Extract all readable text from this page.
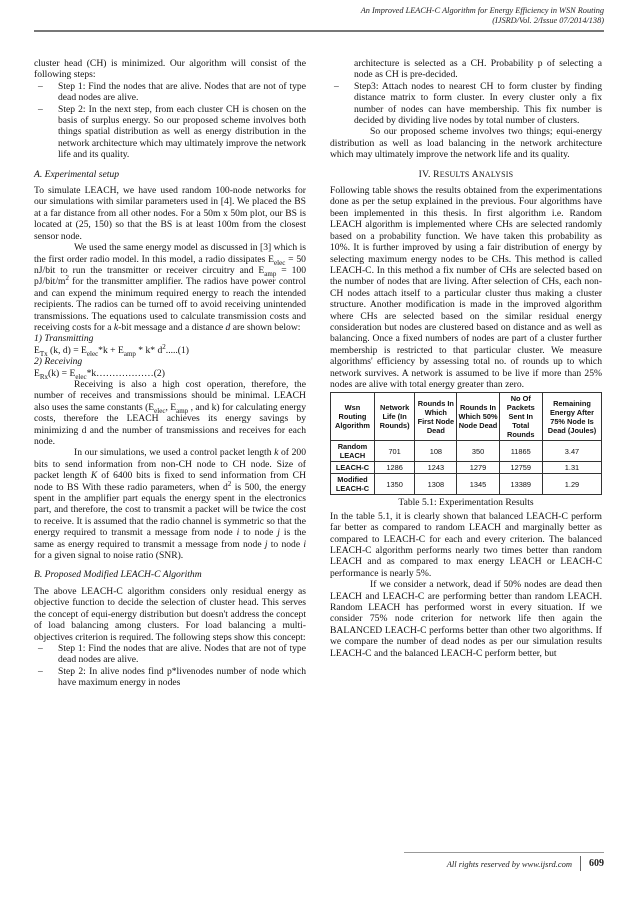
An Improved LEACH-C Algorithm for Energy Efficiency in WSN Routing
(IJSRD/Vol. 2/Issue 07/2014/138)

cluster head (CH) is minimized. Our algorithm will consist of the following steps:

– Step 1: Find the nodes that are alive. Nodes that are not of type dead nodes are alive.
– Step 2: In the next step, from each cluster CH is chosen on the basis of surplus energy. So our proposed scheme involves both things spatial distribution as well as energy distribution in the network architecture which may ultimately improve the network life and its quality.
A. Experimental setup

To simulate LEACH, we have used random 100-node networks for our simulations with similar parameters used in [4]. We placed the BS at a far distance from all other nodes. For a 50m x 50m plot, our BS is located at (25, 150) so that the BS is at least 100m from the closest sensor node.

We used the same energy model as discussed in [3] which is the first order radio model. In this model, a radio dissipates $E_{elec} = 50$ nJ/bit to run the transmitter or receiver circuitry and $E_{amp} = 100$ $pJ/bit/m^2$ for the transmitter amplifier. The radios have power control and can expend the minimum required energy to reach the intended recipients. The radios can be turned off to avoid receiving unintended transmissions. The equations used to calculate transmission costs and receiving costs for a k-bit message and a distance d are shown below:

1) Transmitting
$E_{Tx}$ (k, $d) = E_{elec}*k + E_{amp} * k*$ $d^2.....(1)$
2) Receiving
$E_{Rx}(k)$ = $E_{elec}*k\dots\dots\dots\dots\dots\dots(2)$

Receiving is also a high cost operation, therefore, the number of receives and transmissions should be minimal. LEACH also uses the same constants ($E_{elec}$, $E_{amp}$ , and k) for calculating energy costs, therefore the LEACH achieves its energy savings by minimizing d and the number of transmissions and receives for each node.

In our simulations, we used a control packet length k of 200 bits to send information from non-CH node to CH node. Size of packet length K of 6400 bits is fixed to send information from CH node to BS With these radio parameters, when $d^2$ is 500, the energy spent in the amplifier part equals the energy spent in the electronics part, and therefore, the cost to transmit a packet will be twice the cost to receive. It is assumed that the radio channel is symmetric so that the energy required to transmit a message from node i to node j is the same as energy required to transmit a message from node j to node i for a given signal to noise ratio (SNR).

B. Proposed Modified LEACH-C Algorithm

The above LEACH-C algorithm considers only residual energy as objective function to decide the selection of cluster head. This serves the concept of equi-energy distribution but doesn't address the concept of load balancing among clusters. For load balancing a multi-objectives criterion is required. The following steps show this concept:

– Step 1: Find the nodes that are alive. Nodes that are not of type dead nodes are alive.
– Step 2: In alive nodes find p*livenodes number of node which have maximum energy in nodes
architecture is selected as a CH. Probability p of selecting a node as CH is pre-decided.
– Step3: Attach nodes to nearest CH to form cluster by finding distance matrix to form cluster. In every cluster only a fix number of nodes can have membership. This fix number is decided by dividing live nodes by total number of clusters.

So our proposed scheme involves two things; equi-energy distribution as well as load balancing in the network architecture which may ultimately improve the network life and its quality.

IV. RESULTS ANALYSIS

Following table shows the results obtained from the experimentations done as per the setup explained in the previous. Four algorithms have been implemented in this thesis. In first algorithm i.e. Random LEACH algorithm is implemented where CHs are selected randomly based on a probability function. We have taken this probability as 10%. It is further improved by using a fair distribution of energy by selecting maximum energy nodes to be CHs. This method is called LEACH-C. In this method a fix number of CHs are selected based on the number of nodes that are living. After selection of CHs, each non-CH nodes attach itself to a particular cluster thus making a cluster structure. Another modification is made in the improved algorithm where CHs are selected based on the similar residual energy consideration but nodes are clustered based on distance and as well as balancing. Once a fixed numbers of nodes are part of a cluster further membership is restricted to that particular cluster. We measure algorithms' efficiency by assessing total no. of rounds up to which network survives. A network is assumed to be live if more than 25% nodes are alive with total energy greater than zero.

Wsn Routing Algorithm	Network Life (In Rounds)	Rounds In Which First Node Dead	Rounds In Which 50% Node Dead	No Of Packets Sent In Total Rounds	Remaining Energy After 75% Node Is Dead (Joules)
Random LEACH	701	108	350	11865	3.47
LEACH-C	1286	1243	1279	12759	1.31
Modified LEACH-C	1350	1308	1345	13389	1.29
Table 5.1: Experimentation Results

In the table 5.1, it is clearly shown that balanced LEACH-C perform far better as compared to random LEACH and marginally better as compared to LEACH-C for each and every criterion. The balanced LEACH-C algorithm performs nearly two times better than random LEACH and as compared to max energy LEACH or LEACH-C performance is nearly 5%.

If we consider a network, dead if 50% nodes are dead then LEACH and LEACH-C are performing better than random LEACH. Random LEACH has performed worst in every situation. If we consider 75% node criterion for network life then again the BALANCED LEACH-C performs better than other two algorithms. If we compare the number of dead nodes as per our simulation results LEACH-C and the balanced LEACH-C perform better, but

All rights reserved by www.ijsrd.com	609
